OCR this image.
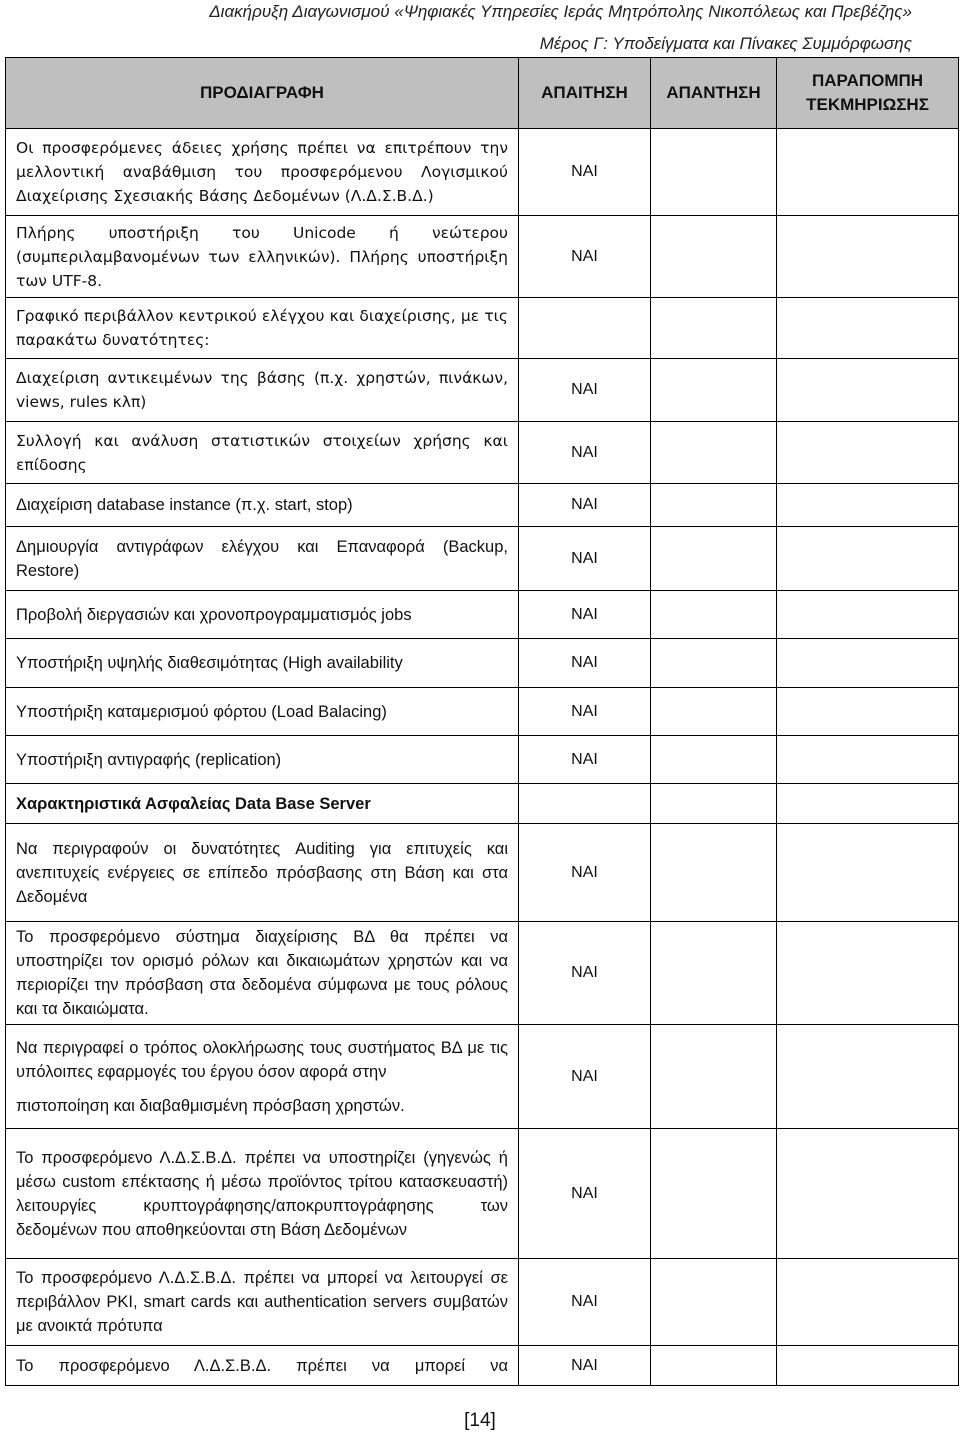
Διακήρυξη Διαγωνισμού «Ψηφιακές Υπηρεσίες Ιεράς Μητρόπολης Νικοπόλεως και Πρεβέζης»
Μέρος Γ: Υποδείγματα και Πίνακες Συμμόρφωσης
ΠΡΟΔΙΑΓΡΑΦΗ	ΑΠΑΙΤΗΣΗ	ΑΠΑΝΤΗΣΗ	ΠΑΡΑΠΟΜΠΗ ΤΕΚΜΗΡΙΩΣΗΣ
Οι προσφερόμενες άδειες χρήσης πρέπει να επιτρέπουν την μελλοντική αναβάθμιση του προσφερόμενου Λογισμικού Διαχείρισης Σχεσιακής Βάσης Δεδομένων (Λ.Δ.Σ.Β.Δ.)	ΝΑΙ		
Πλήρης υποστήριξη του Unicode ή νεώτερου (συμπεριλαμβανομένων των ελληνικών). Πλήρης υποστήριξη των UTF-8.	ΝΑΙ		
Γραφικό περιβάλλον κεντρικού ελέγχου και διαχείρισης, με τις παρακάτω δυνατότητες:			
Διαχείριση αντικειμένων της βάσης (π.χ. χρηστών, πινάκων, views, rules κλπ)	ΝΑΙ		
Συλλογή και ανάλυση στατιστικών στοιχείων χρήσης και επίδοσης	ΝΑΙ		
Διαχείριση database instance (π.χ. start, stop)	ΝΑΙ		
Δημιουργία αντιγράφων ελέγχου και Επαναφορά (Backup, Restore)	ΝΑΙ		
Προβολή διεργασιών και χρονοπρογραμματισμός jobs	ΝΑΙ		
Υποστήριξη υψηλής διαθεσιμότητας (High availability	ΝΑΙ		
Υποστήριξη καταμερισμού φόρτου (Load Balacing)	ΝΑΙ		
Υποστήριξη αντιγραφής (replication)	ΝΑΙ		
Χαρακτηριστικά Ασφαλείας Data Base Server			
Να περιγραφούν οι δυνατότητες Auditing για επιτυχείς και ανεπιτυχείς ενέργειες σε επίπεδο πρόσβασης στη Βάση και στα Δεδομένα	ΝΑΙ		
Το προσφερόμενο σύστημα διαχείρισης ΒΔ θα πρέπει να υποστηρίζει τον ορισμό ρόλων και δικαιωμάτων χρηστών και να περιορίζει την πρόσβαση στα δεδομένα σύμφωνα με τους ρόλους και τα δικαιώματα.	ΝΑΙ		
Να περιγραφεί ο τρόπος ολοκλήρωσης τους συστήματος ΒΔ με τις υπόλοιπες εφαρμογές του έργου όσον αφορά στην
πιστοποίηση και διαβαθμισμένη πρόσβαση χρηστών.	ΝΑΙ		
Το προσφερόμενο Λ.Δ.Σ.Β.Δ. πρέπει να υποστηρίζει (γηγενώς ή μέσω custom επέκτασης ή μέσω προϊόντος τρίτου κατασκευαστή) λειτουργίες κρυπτογράφησης/αποκρυπτογράφησης των δεδομένων που αποθηκεύονται στη Βάση Δεδομένων	ΝΑΙ		
Το προσφερόμενο Λ.Δ.Σ.Β.Δ. πρέπει να μπορεί να λειτουργεί σε περιβάλλον PKI, smart cards και authentication servers συμβατών με ανοικτά πρότυπα	ΝΑΙ		
Το προσφερόμενο Λ.Δ.Σ.Β.Δ. πρέπει να μπορεί να	ΝΑΙ		
[14]
